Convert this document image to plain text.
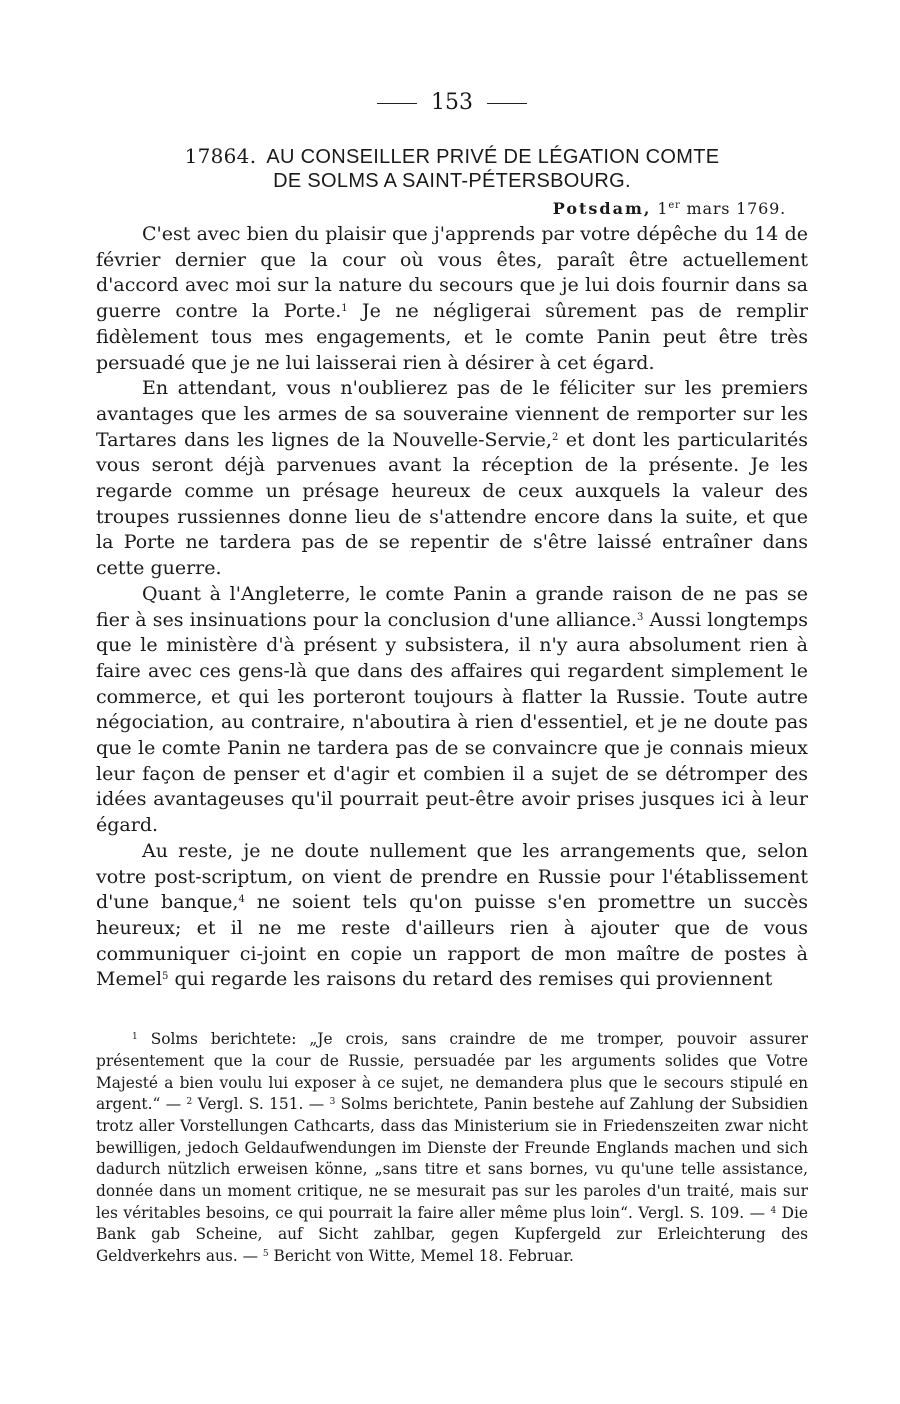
153
17864. AU CONSEILLER PRIVÉ DE LÉGATION COMTE
DE SOLMS A SAINT-PÉTERSBOURG.
Potsdam, 1er mars 1769.

C'est avec bien du plaisir que j'apprends par votre dépêche du 14 de février dernier que la cour où vous êtes, paraît être actuellement d'accord avec moi sur la nature du secours que je lui dois fournir dans sa guerre contre la Porte.$^1$ Je ne négligerai sûrement pas de remplir fidèlement tous mes engagements, et le comte Panin peut être très persuadé que je ne lui laisserai rien à désirer à cet égard.

En attendant, vous n'oublierez pas de le féliciter sur les premiers avantages que les armes de sa souveraine viennent de remporter sur les Tartares dans les lignes de la Nouvelle-Servie,$^2$ et dont les particularités vous seront déjà parvenues avant la réception de la présente. Je les regarde comme un présage heureux de ceux auxquels la valeur des troupes russiennes donne lieu de s'attendre encore dans la suite, et que la Porte ne tardera pas de se repentir de s'être laissé entraîner dans cette guerre.

Quant à l'Angleterre, le comte Panin a grande raison de ne pas se fier à ses insinuations pour la conclusion d'une alliance.$^3$ Aussi longtemps que le ministère d'à présent y subsistera, il n'y aura absolument rien à faire avec ces gens-là que dans des affaires qui regardent simplement le commerce, et qui les porteront toujours à flatter la Russie. Toute autre négociation, au contraire, n'aboutira à rien d'essentiel, et je ne doute pas que le comte Panin ne tardera pas de se convaincre que je connais mieux leur façon de penser et d'agir et combien il a sujet de se détromper des idées avantageuses qu'il pourrait peut-être avoir prises jusques ici à leur égard.

Au reste, je ne doute nullement que les arrangements que, selon votre post-scriptum, on vient de prendre en Russie pour l'établissement d'une banque,$^4$ ne soient tels qu'on puisse s'en promettre un succès heureux; et il ne me reste d'ailleurs rien à ajouter que de vous communiquer ci-joint en copie un rapport de mon maître de postes à Memel$^5$ qui regarde les raisons du retard des remises qui proviennent

$^1$ Solms berichtete: „Je crois, sans craindre de me tromper, pouvoir assurer présentement que la cour de Russie, persuadée par les arguments solides que Votre Majesté a bien voulu lui exposer à ce sujet, ne demandera plus que le secours stipulé en argent.“ — $^2$ Vergl. S. 151. — $^3$ Solms berichtete, Panin bestehe auf Zahlung der Subsidien trotz aller Vorstellungen Cathcarts, dass das Ministerium sie in Friedenszeiten zwar nicht bewilligen, jedoch Geldaufwendungen im Dienste der Freunde Englands machen und sich dadurch nützlich erweisen könne, „sans titre et sans bornes, vu qu'une telle assistance, donnée dans un moment critique, ne se mesurait pas sur les paroles d'un traité, mais sur les véritables besoins, ce qui pourrait la faire aller même plus loin“. Vergl. S. 109. — $^4$ Die Bank gab Scheine, auf Sicht zahlbar, gegen Kupfergeld zur Erleichterung des Geldverkehrs aus. — $^5$ Bericht von Witte, Memel 18. Februar.
